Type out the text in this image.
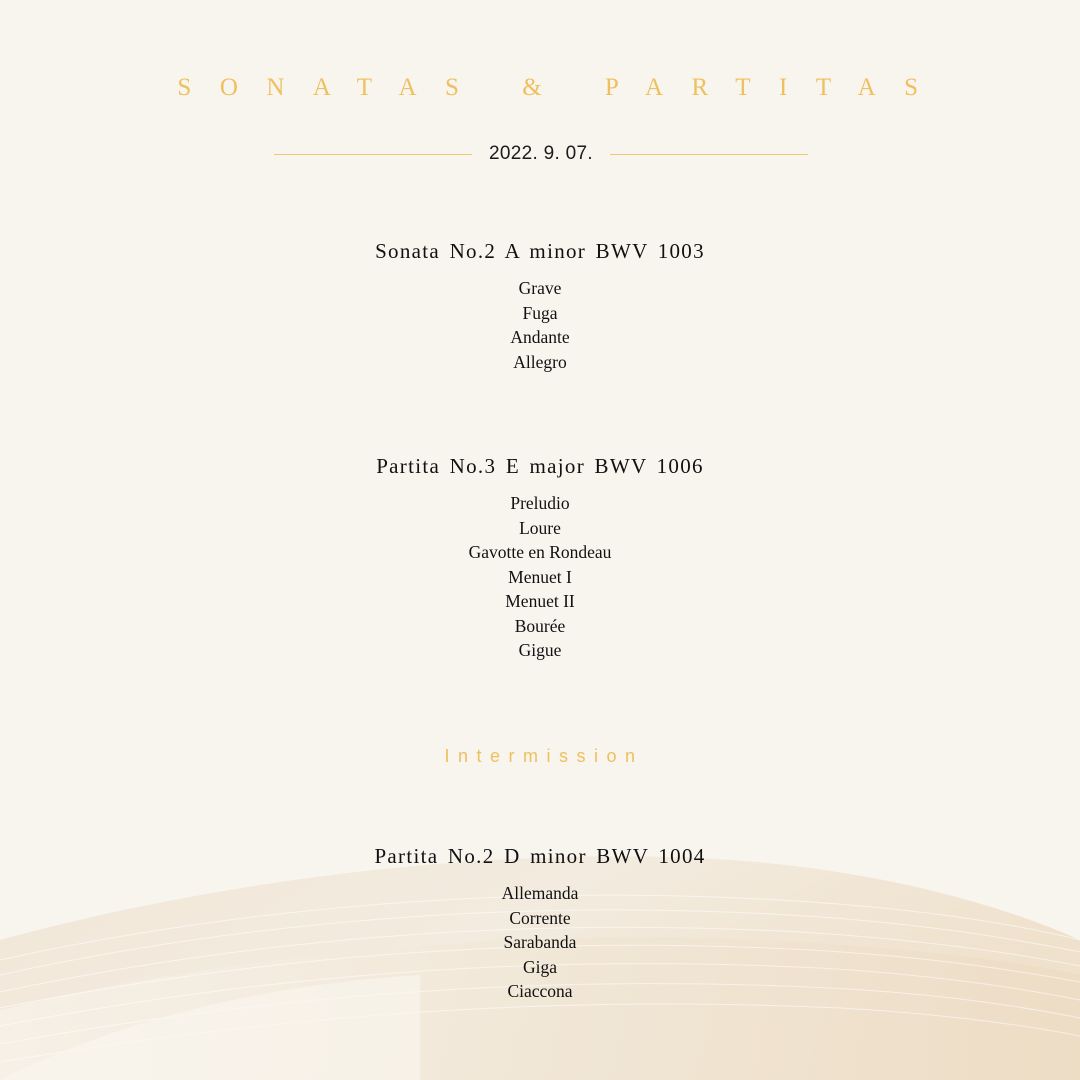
SONATAS & PARTITAS
2022. 9. 07.
Sonata No.2 A minor BWV 1003
Grave
Fuga
Andante
Allegro
Partita No.3 E major BWV 1006
Preludio
Loure
Gavotte en Rondeau
Menuet I
Menuet II
Bourée
Gigue
Intermission
Partita No.2 D minor BWV 1004
Allemanda
Corrente
Sarabanda
Giga
Ciaccona
